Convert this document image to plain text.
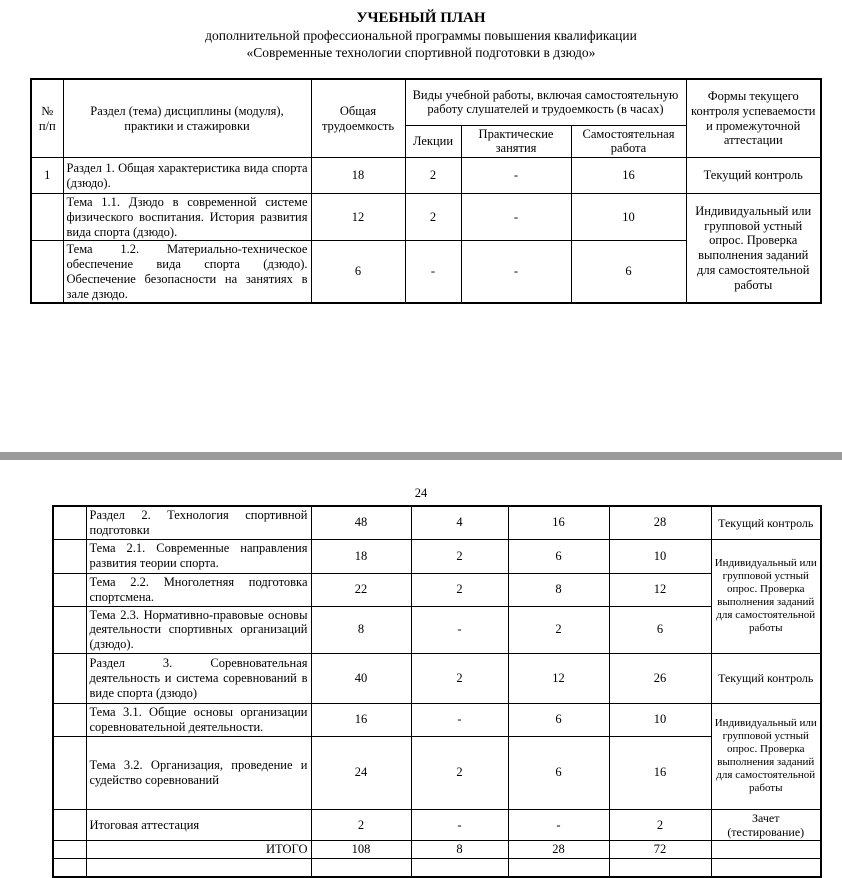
УЧЕБНЫЙ ПЛАН
дополнительной профессиональной программы повышения квалификации
«Современные технологии спортивной подготовки в дзюдо»
№ п/п	Раздел (тема) дисциплины (модуля), практики и стажировки	Общая трудоемкость	Виды учебной работы, включая самостоятельную работу слушателей и трудоемкость (в часах)			Формы текущего контроля успеваемости и промежуточной аттестации
			Лекции	Практические занятия	Самостоятельная работа	
1	Раздел 1. Общая характеристика вида спорта (дзюдо).	18	2	-	16	Текущий контроль
	Тема 1.1. Дзюдо в современной системе физического воспитания. История развития вида спорта (дзюдо).	12	2	-	10	Индивидуальный или групповой устный опрос. Проверка выполнения заданий для самостоятельной работы
	Тема 1.2. Материально-техническое обеспечение вида спорта (дзюдо). Обеспечение безопасности на занятиях в зале дзюдо.	6	-	-	6	
24
	Раздел 2. Технология спортивной подготовки	48	4	16	28	Текущий контроль
	Тема 2.1. Современные направления развития теории спорта.	18	2	6	10	Индивидуальный или групповой устный опрос. Проверка выполнения заданий для самостоятельной работы
	Тема 2.2. Многолетняя подготовка спортсмена.	22	2	8	12	
	Тема 2.3. Нормативно-правовые основы деятельности спортивных организаций (дзюдо).	8	-	2	6	
	Раздел 3. Соревновательная деятельность и система соревнований в виде спорта (дзюдо)	40	2	12	26	Текущий контроль
	Тема 3.1. Общие основы организации соревновательной деятельности.	16	-	6	10	Индивидуальный или групповой устный опрос. Проверка выполнения заданий для самостоятельной работы
	Тема 3.2. Организация, проведение и судейство соревнований	24	2	6	16	
	Итоговая аттестация	2	-	-	2	Зачет (тестирование)
	ИТОГО	108	8	28	72	
